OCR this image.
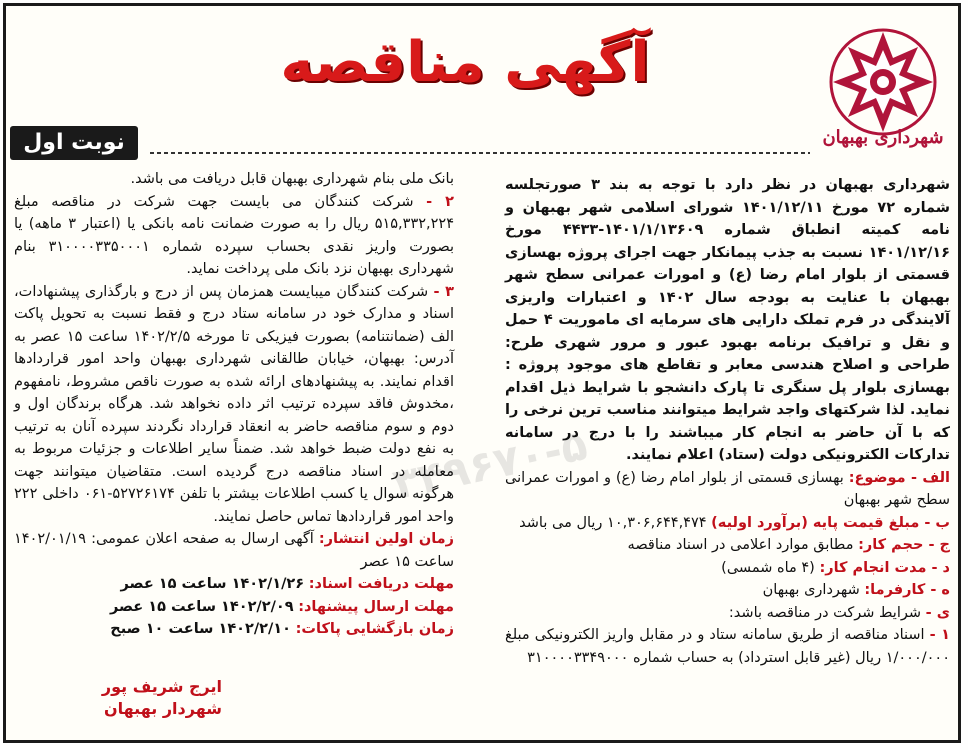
شهرداری بهبهان
آگهی مناقصه
نوبت اول
۳۴۹۶۷۰-۵

شهرداری بهبهان در نظر دارد با توجه به بند ۳ صورتجلسه شماره ۷۲ مورخ ۱۴۰۱/۱۲/۱۱ شورای اسلامی شهر بهبهان و نامه کمیته انطباق شماره ۱۴۰۱/۱/۱۳۶۰۹-۴۴۳۳ مورخ ۱۴۰۱/۱۲/۱۶ نسبت به جذب پیمانکار جهت اجرای پروژه بهسازی قسمتی از بلوار امام رضا (ع) و امورات عمرانی سطح شهر بهبهان با عنایت به بودجه سال ۱۴۰۲ و اعتبارات واریزی آلایندگی در فرم تملک دارایی های سرمایه ای ماموریت ۴ حمل و نقل و ترافیک برنامه بهبود عبور و مرور شهری طرح: طراحی و اصلاح هندسی معابر و تقاطع های موجود پروژه : بهسازی بلوار پل سنگری تا پارک دانشجو با شرایط ذیل اقدام نماید. لذا شرکتهای واجد شرایط میتوانند مناسب ترین نرخی را که با آن حاضر به انجام کار میباشند را با درج در سامانه تدارکات الکترونیکی دولت (ستاد) اعلام نمایند.

الف - موضوع: بهسازی قسمتی از بلوار امام رضا (ع) و امورات عمرانی سطح شهر بهبهان

ب - مبلغ قیمت پایه (برآورد اولیه) ۱۰,۳۰۶,۶۴۴,۴۷۴ ریال می باشد

ج - حجم کار: مطابق موارد اعلامی در اسناد مناقصه

د - مدت انجام کار: (۴ ماه شمسی)

ه - کارفرما: شهرداری بهبهان

ی - شرایط شرکت در مناقصه باشد:

۱ - اسناد مناقصه از طریق سامانه ستاد و در مقابل واریز الکترونیکی مبلغ ۱/۰۰۰/۰۰۰ ریال (غیر قابل استرداد) به حساب شماره ۳۱۰۰۰۰۳۳۴۹۰۰۰

بانک ملی بنام شهرداری بهبهان قابل دریافت می باشد.

۲ - شرکت کنندگان می بایست جهت شرکت در مناقصه مبلغ ۵۱۵,۳۳۲,۲۲۴ ریال را به صورت ضمانت نامه بانکی یا (اعتبار ۳ ماهه) یا بصورت واریز نقدی بحساب سپرده شماره ۳۱۰۰۰۰۳۳۵۰۰۰۱ بنام شهرداری بهبهان نزد بانک ملی پرداخت نماید.

۳ - شرکت کنندگان میبایست همزمان پس از درج و بارگذاری پیشنهادات، اسناد و مدارک خود در سامانه ستاد درج و فقط نسبت به تحویل پاکت الف (ضمانتنامه) بصورت فیزیکی تا مورخه ۱۴۰۲/۲/۵ ساعت ۱۵ عصر به آدرس: بهبهان، خیابان طالقانی شهرداری بهبهان واحد امور قراردادها اقدام نمایند. به پیشنهادهای ارائه شده به صورت ناقص مشروط، نامفهوم ،مخدوش فاقد سپرده ترتیب اثر داده نخواهد شد. هرگاه برندگان اول و دوم و سوم مناقصه حاضر به انعقاد قرارداد نگردند سپرده آنان به ترتیب به نفع دولت ضبط خواهد شد. ضمناً سایر اطلاعات و جزئیات مربوط به معامله در اسناد مناقصه درج گردیده است. متقاضیان میتوانند جهت هرگونه سوال یا کسب اطلاعات بیشتر با تلفن ۵۲۷۲۶۱۷۴-۰۶۱ داخلی ۲۲۲ واحد امور قراردادها تماس حاصل نمایند.

زمان اولین انتشار: آگهی ارسال به صفحه اعلان عمومی: ۱۴۰۲/۰۱/۱۹ ساعت ۱۵ عصر

مهلت دریافت اسناد: ۱۴۰۲/۱/۲۶ ساعت ۱۵ عصر

مهلت ارسال پیشنهاد: ۱۴۰۲/۲/۰۹ ساعت ۱۵ عصر

زمان بازگشایی پاکات: ۱۴۰۲/۲/۱۰ ساعت ۱۰ صبح

ایرج شریف پور
شهردار بهبهان
